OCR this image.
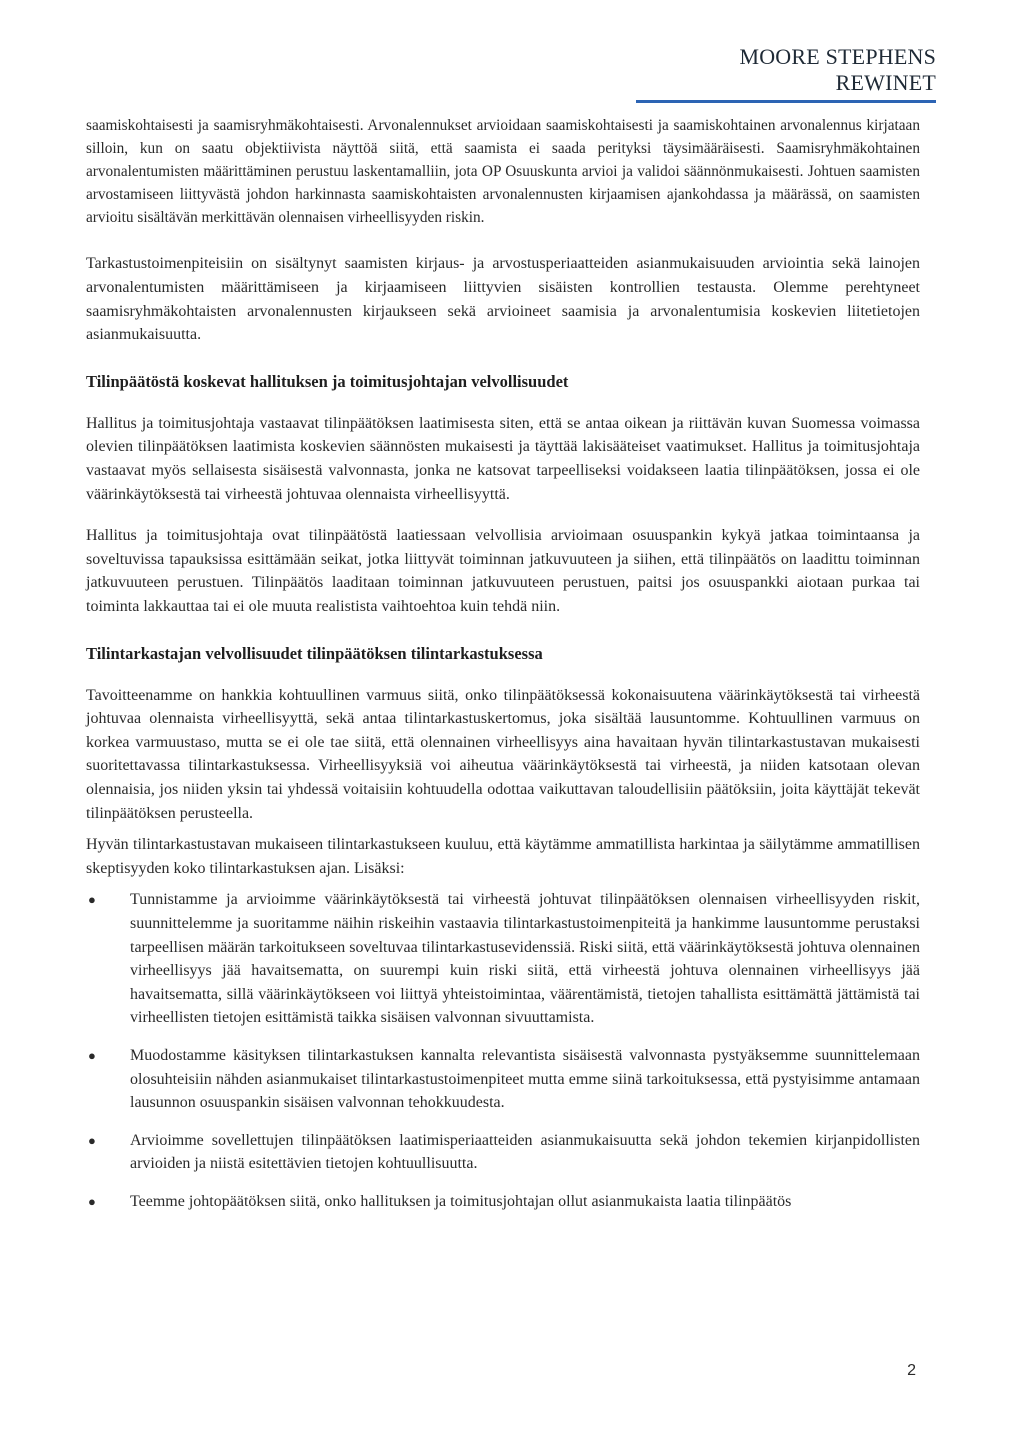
MOORE STEPHENS REWINET

saamiskohtaisesti ja saamisryhmäkohtaisesti. Arvonalennukset arvioidaan saamiskohtaisesti ja saamiskohtainen arvonalennus kirjataan silloin, kun on saatu objektiivista näyttöä siitä, että saamista ei saada perityksi täysimääräisesti. Saamisryhmäkohtainen arvonalentumisten määrittäminen perustuu laskentamalliin, jota OP Osuuskunta arvioi ja validoi säännönmukaisesti. Johtuen saamisten arvostamiseen liittyvästä johdon harkinnasta saamiskohtaisten arvonalennusten kirjaamisen ajankohdassa ja määrässä, on saamisten arvioitu sisältävän merkittävän olennaisen virheellisyyden riskin.

Tarkastustoimenpiteisiin on sisältynyt saamisten kirjaus- ja arvostusperiaatteiden asianmukaisuuden arviointia sekä lainojen arvonalentumisten määrittämiseen ja kirjaamiseen liittyvien sisäisten kontrollien testausta. Olemme perehtyneet saamisryhmäkohtaisten arvonalennusten kirjaukseen sekä arvioineet saamisia ja arvonalentumisia koskevien liitetietojen asianmukaisuutta.

Tilinpäätöstä koskevat hallituksen ja toimitusjohtajan velvollisuudet

Hallitus ja toimitusjohtaja vastaavat tilinpäätöksen laatimisesta siten, että se antaa oikean ja riittävän kuvan Suomessa voimassa olevien tilinpäätöksen laatimista koskevien säännösten mukaisesti ja täyttää lakisääteiset vaatimukset. Hallitus ja toimitusjohtaja vastaavat myös sellaisesta sisäisestä valvonnasta, jonka ne katsovat tarpeelliseksi voidakseen laatia tilinpäätöksen, jossa ei ole väärinkäytöksestä tai virheestä johtuvaa olennaista virheellisyyttä.

Hallitus ja toimitusjohtaja ovat tilinpäätöstä laatiessaan velvollisia arvioimaan osuuspankin kykyä jatkaa toimintaansa ja soveltuvissa tapauksissa esittämään seikat, jotka liittyvät toiminnan jatkuvuuteen ja siihen, että tilinpäätös on laadittu toiminnan jatkuvuuteen perustuen. Tilinpäätös laaditaan toiminnan jatkuvuuteen perustuen, paitsi jos osuuspankki aiotaan purkaa tai toiminta lakkauttaa tai ei ole muuta realistista vaihtoehtoa kuin tehdä niin.

Tilintarkastajan velvollisuudet tilinpäätöksen tilintarkastuksessa

Tavoitteenamme on hankkia kohtuullinen varmuus siitä, onko tilinpäätöksessä kokonaisuutena väärinkäytöksestä tai virheestä johtuvaa olennaista virheellisyyttä, sekä antaa tilintarkastuskertomus, joka sisältää lausuntomme. Kohtuullinen varmuus on korkea varmuustaso, mutta se ei ole tae siitä, että olennainen virheellisyys aina havaitaan hyvän tilintarkastustavan mukaisesti suoritettavassa tilintarkastuksessa. Virheellisyyksiä voi aiheutua väärinkäytöksestä tai virheestä, ja niiden katsotaan olevan olennaisia, jos niiden yksin tai yhdessä voitaisiin kohtuudella odottaa vaikuttavan taloudellisiin päätöksiin, joita käyttäjät tekevät tilinpäätöksen perusteella.

Hyvän tilintarkastustavan mukaiseen tilintarkastukseen kuuluu, että käytämme ammatillista harkintaa ja säilytämme ammatillisen skeptisyyden koko tilintarkastuksen ajan. Lisäksi:

● Tunnistamme ja arvioimme väärinkäytöksestä tai virheestä johtuvat tilinpäätöksen olennaisen virheellisyyden riskit, suunnittelemme ja suoritamme näihin riskeihin vastaavia tilintarkastustoimenpiteitä ja hankimme lausuntomme perustaksi tarpeellisen määrän tarkoitukseen soveltuvaa tilintarkastusevidenssiä. Riski siitä, että väärinkäytöksestä johtuva olennainen virheellisyys jää havaitsematta, on suurempi kuin riski siitä, että virheestä johtuva olennainen virheellisyys jää havaitsematta, sillä väärinkäytökseen voi liittyä yhteistoimintaa, väärentämistä, tietojen tahallista esittämättä jättämistä tai virheellisten tietojen esittämistä taikka sisäisen valvonnan sivuuttamista.

● Muodostamme käsityksen tilintarkastuksen kannalta relevantista sisäisestä valvonnasta pystyäksemme suunnittelemaan olosuhteisiin nähden asianmukaiset tilintarkastustoimenpiteet mutta emme siinä tarkoituksessa, että pystyisimme antamaan lausunnon osuuspankin sisäisen valvonnan tehokkuudesta.

● Arvioimme sovellettujen tilinpäätöksen laatimisperiaatteiden asianmukaisuutta sekä johdon tekemien kirjanpidollisten arvioiden ja niistä esitettävien tietojen kohtuullisuutta.

● Teemme johtopäätöksen siitä, onko hallituksen ja toimitusjohtajan ollut asianmukaista laatia tilinpäätös

2
